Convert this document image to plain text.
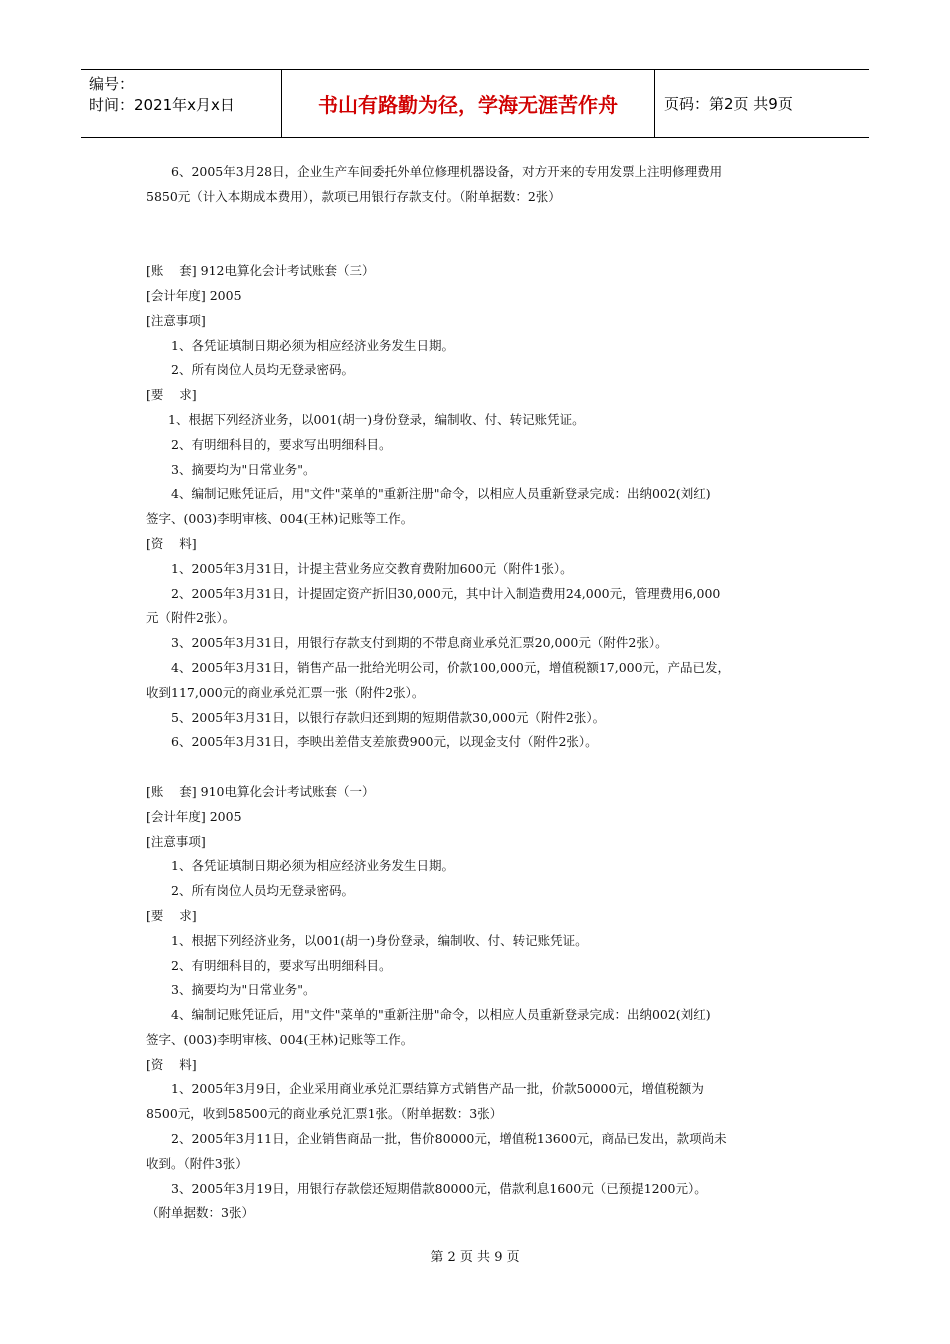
编号：
时间：2021年x月x日	书山有路勤为径，学海无涯苦作舟	页码：第2页 共9页

6、2005年3月28日，企业生产车间委托外单位修理机器设备，对方开来的专用发票上注明修理费用

5850元（计入本期成本费用），款项已用银行存款支付。（附单据数：2张）

[账    套] 912电算化会计考试账套（三）

[会计年度] 2005

[注意事项]

1、各凭证填制日期必须为相应经济业务发生日期。

2、所有岗位人员均无登录密码。

[要    求]

1、根据下列经济业务，以001(胡一)身份登录，编制收、付、转记账凭证。

2、有明细科目的，要求写出明细科目。

3、摘要均为"日常业务"。

4、编制记账凭证后，用"文件"菜单的"重新注册"命令，以相应人员重新登录完成：出纳002(刘红)

签字、(003)李明审核、004(王林)记账等工作。

[资    料]

1、2005年3月31日，计提主营业务应交教育费附加600元（附件1张）。

2、2005年3月31日，计提固定资产折旧30,000元，其中计入制造费用24,000元，管理费用6,000

元（附件2张）。

3、2005年3月31日，用银行存款支付到期的不带息商业承兑汇票20,000元（附件2张）。

4、2005年3月31日，销售产品一批给光明公司，价款100,000元，增值税额17,000元，产品已发，

收到117,000元的商业承兑汇票一张（附件2张）。

5、2005年3月31日，以银行存款归还到期的短期借款30,000元（附件2张）。

6、2005年3月31日，李映出差借支差旅费900元，以现金支付（附件2张）。

[账    套] 910电算化会计考试账套（一）

[会计年度] 2005

[注意事项]

1、各凭证填制日期必须为相应经济业务发生日期。

2、所有岗位人员均无登录密码。

[要    求]

1、根据下列经济业务，以001(胡一)身份登录，编制收、付、转记账凭证。

2、有明细科目的，要求写出明细科目。

3、摘要均为"日常业务"。

4、编制记账凭证后，用"文件"菜单的"重新注册"命令，以相应人员重新登录完成：出纳002(刘红)

签字、(003)李明审核、004(王林)记账等工作。

[资    料]

1、2005年3月9日，企业采用商业承兑汇票结算方式销售产品一批，价款50000元，增值税额为

8500元，收到58500元的商业承兑汇票1张。（附单据数：3张）

2、2005年3月11日，企业销售商品一批，售价80000元，增值税13600元，商品已发出，款项尚未

收到。（附件3张）

3、2005年3月19日，用银行存款偿还短期借款80000元，借款利息1600元（已预提1200元）。

（附单据数：3张）

第 2 页 共 9 页
